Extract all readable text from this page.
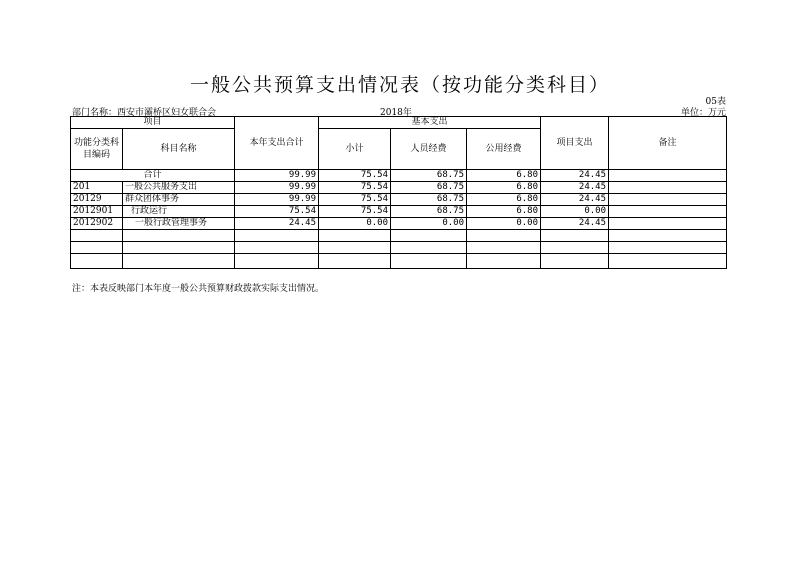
一般公共预算支出情况表（按功能分类科目）
05表
部门名称：西安市灞桥区妇女联合会	2018年	单位：万元
项目		本年支出合计	基本支出			项目支出	备注
功能分类科目编码	科目名称		小计	人员经费	公用经费		

合计		99.99	75.54	68.75	6.80	24.45	
201	一般公共服务支出	99.99	75.54	68.75	6.80	24.45	
20129	群众团体事务	99.99	75.54	68.75	6.80	24.45	
2012901	行政运行	75.54	75.54	68.75	6.80	0.00	
2012902	一般行政管理事务	24.45	0.00	0.00	0.00	24.45	

注：本表反映部门本年度一般公共预算财政拨款实际支出情况。
